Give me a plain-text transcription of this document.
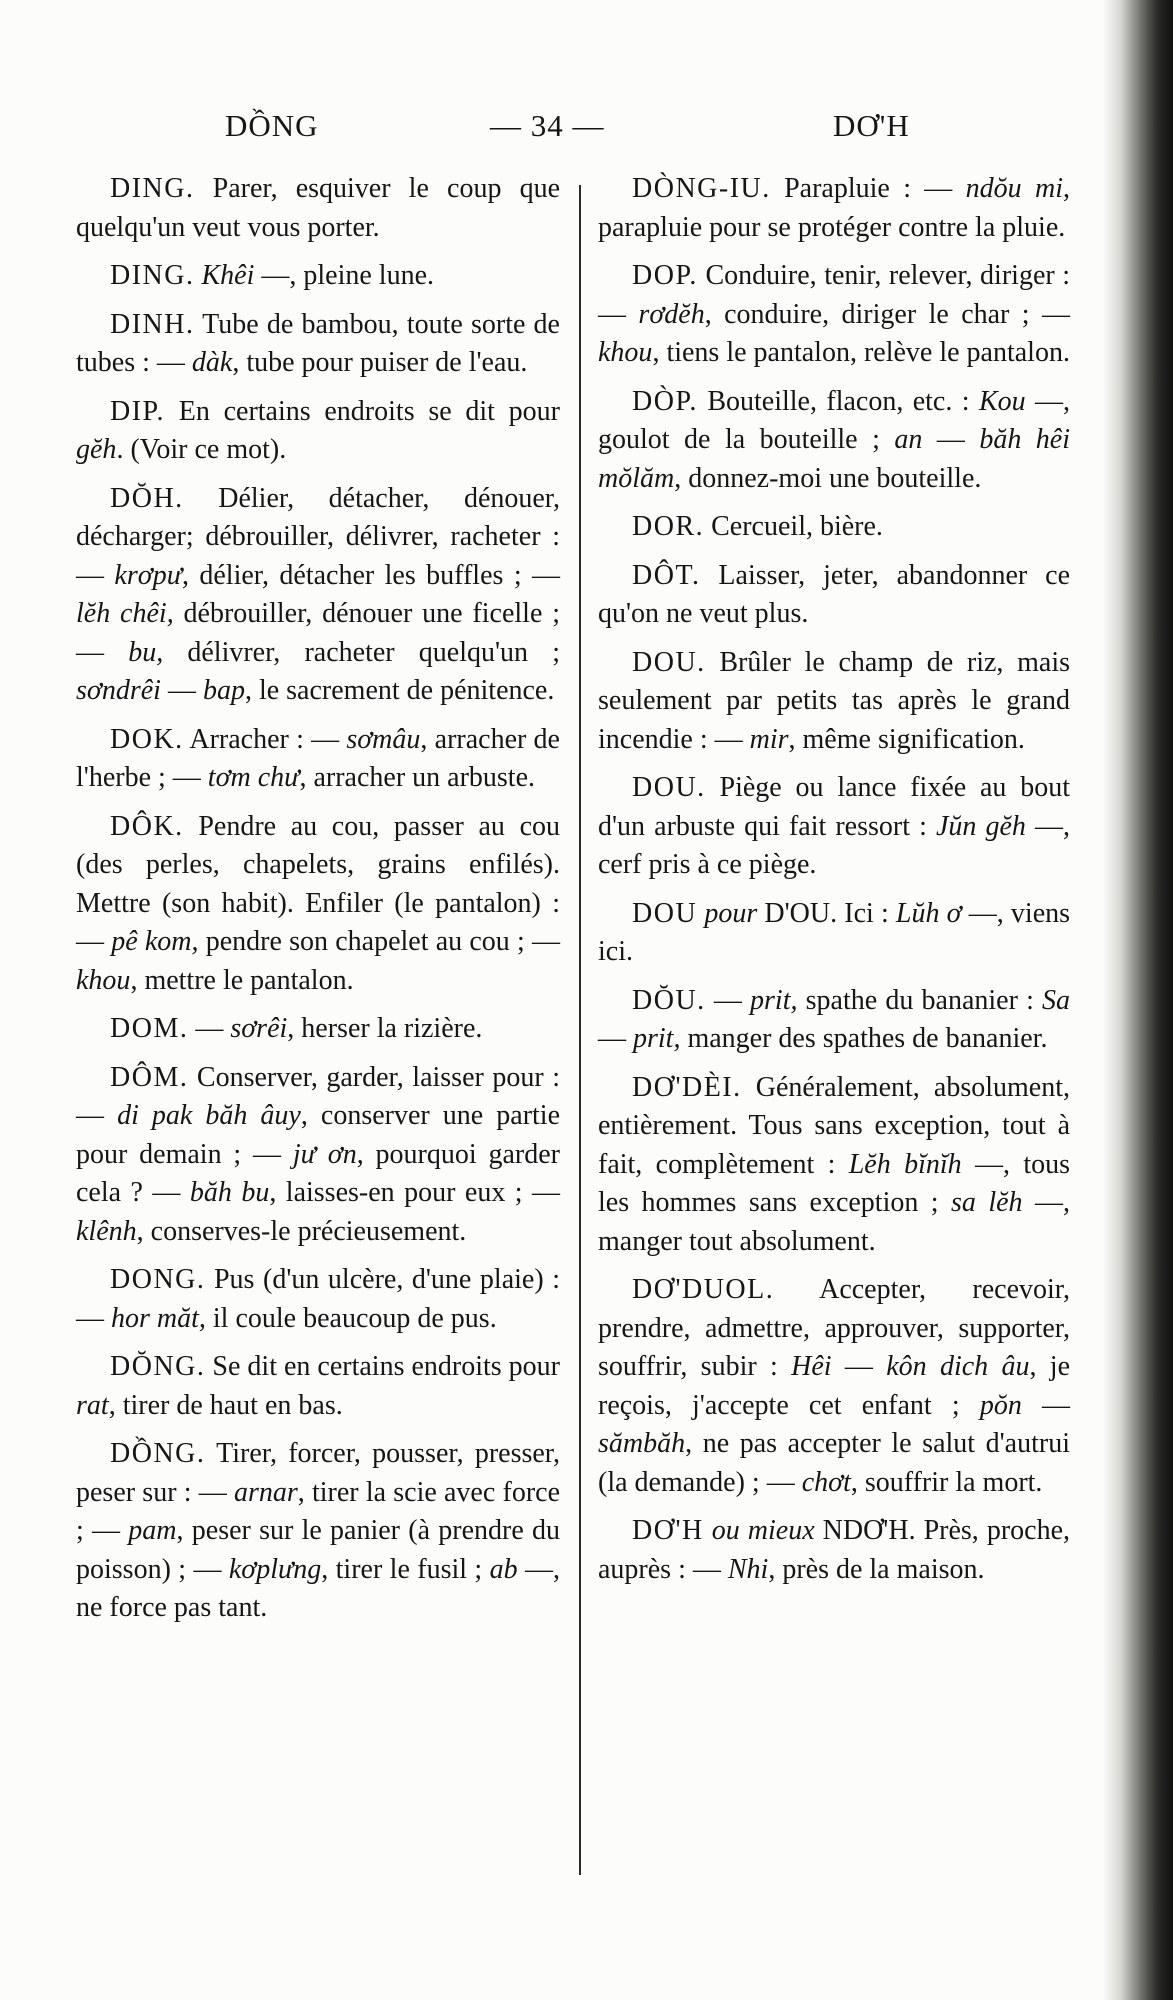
DỒNG	— 34 —	DƠ'H

DING. Parer, esquiver le coup que quelqu'un veut vous porter.

DING. Khêi —, pleine lune.

DINH. Tube de bambou, toute sorte de tubes : — dàk, tube pour puiser de l'eau.

DIP. En certains endroits se dit pour gĕh. (Voir ce mot).

DŎH. Délier, détacher, dénouer, décharger; débrouiller, délivrer, racheter : — krơpư, délier, détacher les buffles ; — lĕh chêi, débrouiller, dénouer une ficelle ; — bu, délivrer, racheter quelqu'un ; sơndrêi — bap, le sacrement de pénitence.

DOK. Arracher : — sơmâu, arracher de l'herbe ; — tơm chư, arracher un arbuste.

DÔK. Pendre au cou, passer au cou (des perles, chapelets, grains enfilés). Mettre (son habit). Enfiler (le pantalon) : — pê kom, pendre son chapelet au cou ; — khou, mettre le pantalon.

DOM. — sơrêi, herser la rizière.

DÔM. Conserver, garder, laisser pour : — di pak băh âuy, conserver une partie pour demain ; — jư ơn, pourquoi garder cela ? — băh bu, laisses-en pour eux ; — klênh, conserves-le précieusement.

DONG. Pus (d'un ulcère, d'une plaie) : — hor măt, il coule beaucoup de pus.

DŎNG. Se dit en certains endroits pour rat, tirer de haut en bas.

DỒNG. Tirer, forcer, pousser, presser, peser sur : — arnar, tirer la scie avec force ; — pam, peser sur le panier (à prendre du poisson) ; — kơplưng, tirer le fusil ; ab —, ne force pas tant.

DÒNG-IU. Parapluie : — ndŏu mi, parapluie pour se protéger contre la pluie.

DOP. Conduire, tenir, relever, diriger : — rơdĕh, conduire, diriger le char ; — khou, tiens le pantalon, relève le pantalon.

DÒP. Bouteille, flacon, etc. : Kou —, goulot de la bouteille ; an — băh hêi mŏlăm, donnez-moi une bouteille.

DOR. Cercueil, bière.

DÔT. Laisser, jeter, abandonner ce qu'on ne veut plus.

DOU. Brûler le champ de riz, mais seulement par petits tas après le grand incendie : — mir, même signification.

DOU. Piège ou lance fixée au bout d'un arbuste qui fait ressort : Jŭn gĕh —, cerf pris à ce piège.

DOU pour D'OU. Ici : Lŭh ơ —, viens ici.

DŎU. — prit, spathe du bananier : Sa — prit, manger des spathes de bananier.

DƠ'DÈI. Généralement, absolument, entièrement. Tous sans exception, tout à fait, complètement : Lĕh bĭnĭh —, tous les hommes sans exception ; sa lĕh —, manger tout absolument.

DƠ'DUOL. Accepter, recevoir, prendre, admettre, approuver, supporter, souffrir, subir : Hêi — kôn dich âu, je reçois, j'accepte cet enfant ; pŏn — sămbăh, ne pas accepter le salut d'autrui (la demande) ; — chơt, souffrir la mort.

DƠ'H ou mieux NDƠ'H. Près, proche, auprès : — Nhi, près de la maison.
